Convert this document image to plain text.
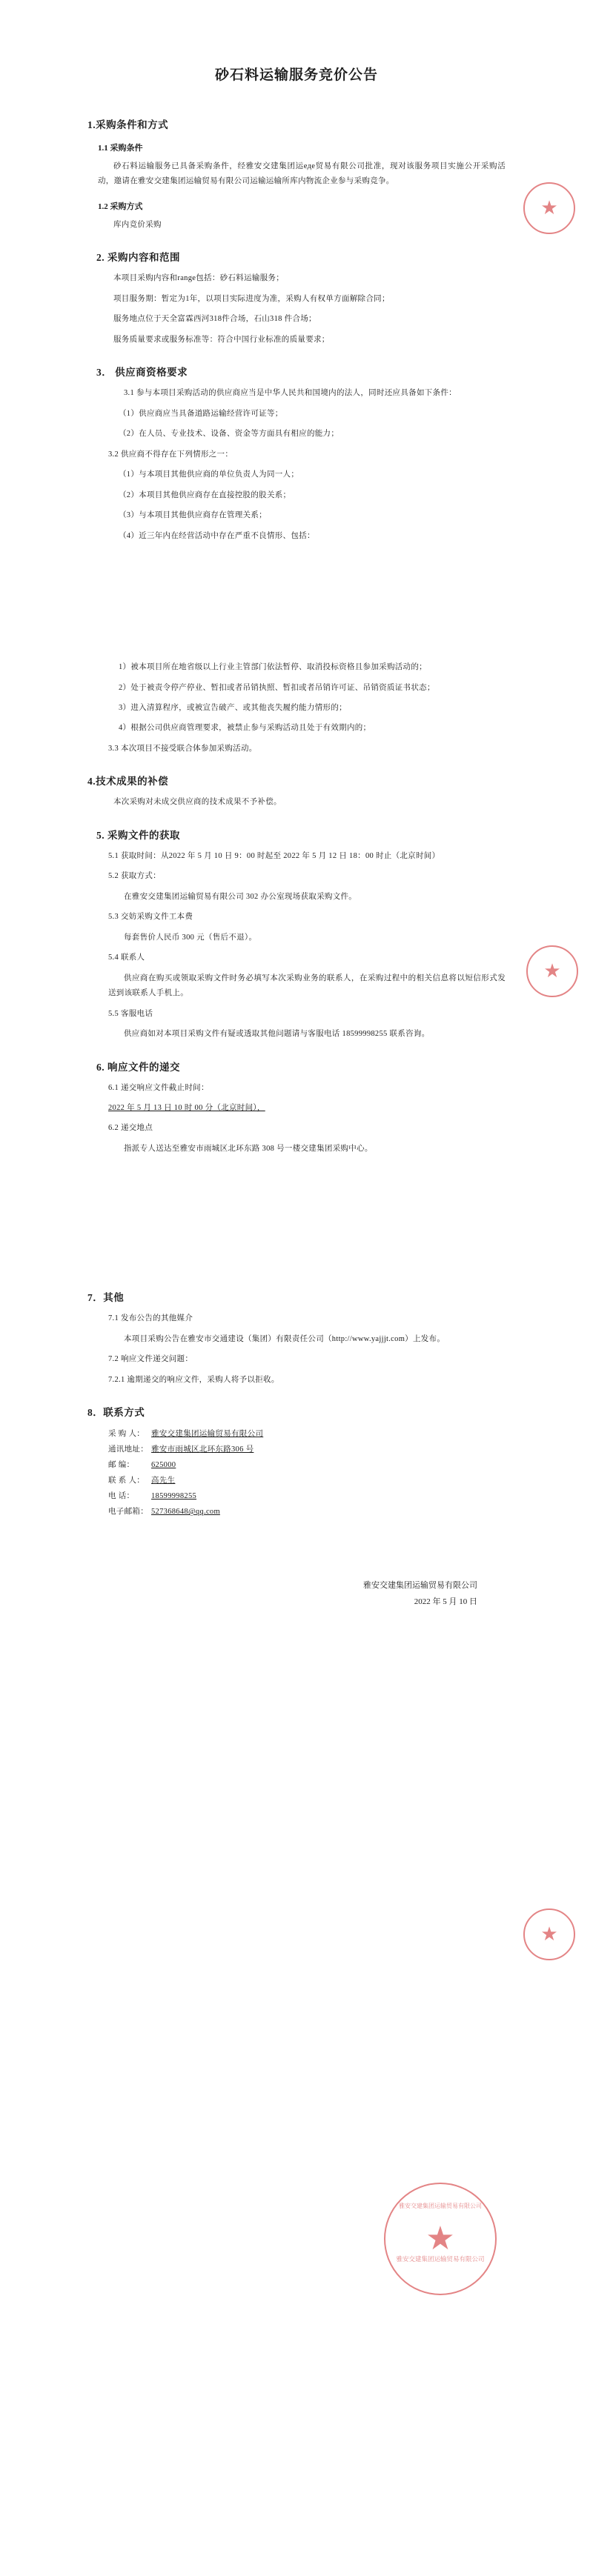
砂石料运输服务竞价公告
1.采购条件和方式
1.1 采购条件

砂石料运输服务已具备采购条件，经雅安交建集团运еде贸易有限公司批准，现对该服务项目实施公开采购活动，邀请在雅安交建集团运输贸易有限公司运输运输所库内物流企业参与采购竞争。

1.2 采购方式

库内竞价采购

2. 采购内容和范围

本项目采购内容和range包括：砂石料运输服务；

项目服务期：暂定为1年，以项目实际进度为准，采购人有权单方面解除合同；

服务地点位于天全富霖西河318件合场，石山318 件合场；

服务质量要求或服务标准等：符合中国行业标准的质量要求；

3． 供应商资格要求

3.1 参与本项目采购活动的供应商应当是中华人民共和国境内的法人，同时还应具备如下条件：

（1）供应商应当具备道路运输经营许可证等；

（2）在人员、专业技术、设备、资金等方面具有相应的能力；

3.2 供应商不得存在下列情形之一：

（1）与本项目其他供应商的单位负责人为同一人；

（2）本项目其他供应商存在直接控股的股关系；

（3）与本项目其他供应商存在管理关系；

（4）近三年内在经营活动中存在严重不良情形、包括：

1）被本项目所在地省级以上行业主管部门依法暂停、取消投标资格且参加采购活动的；

2）处于被责令停产停业、暂扣或者吊销执照、暂扣或者吊销许可证、吊销资质证书状态；

3）进入清算程序，或被宣告破产、或其他丧失履约能力情形的；

4）根据公司供应商管理要求，被禁止参与采购活动且处于有效期内的；

3.3 本次项目不接受联合体参加采购活动。

4.技术成果的补偿

本次采购对未成交供应商的技术成果不予补偿。

5. 采购文件的获取

5.1 获取时间：从2022 年 5 月 10 日 9：00 时起至 2022 年 5 月 12 日 18：00 时止（北京时间）

5.2 获取方式：

在雅安交建集团运输贸易有限公司 302 办公室现场获取采购文件。

5.3 交妨采购文件工本费

每套售价人民币 300 元（售后不退）。

5.4 联系人

供应商在购买或领取采购文件时务必填写本次采购业务的联系人，在采购过程中的相关信息将以短信形式发送到该联系人手机上。

5.5 客服电话

供应商如对本项目采购文件有疑或透取其他问题请与客服电话 18599998255 联系咨询。

6. 响应文件的递交

6.1 递交响应文件截止时间：

2022 年 5 月 13 日 10 时 00 分（北京时间），

6.2 递交地点

指派专人送达至雅安市雨城区北环东路 308 号一楼交建集团采购中心。

7．其他

7.1 发布公告的其他媒介

本项目采购公告在雅安市交通建设（集团）有限责任公司（http://www.yajjjt.com）上发布。

7.2 响应文件递交问题：

7.2.1 逾期递交的响应文件，采购人将予以拒收。

8．联系方式
采 购 人： 雅安交建集团运输贸易有限公司
通讯地址： 雅安市雨城区北环东路306 号
邮 编： 625000
联 系 人： 高先生
电 话： 18599998255
电子邮箱： 527368648@qq.com
雅安交建集团运输贸易有限公司
2022 年 5 月 10 日
★
★
★
雅安交建集团运输贸易有限公司
★
雅安交建集团运输贸易有限公司
